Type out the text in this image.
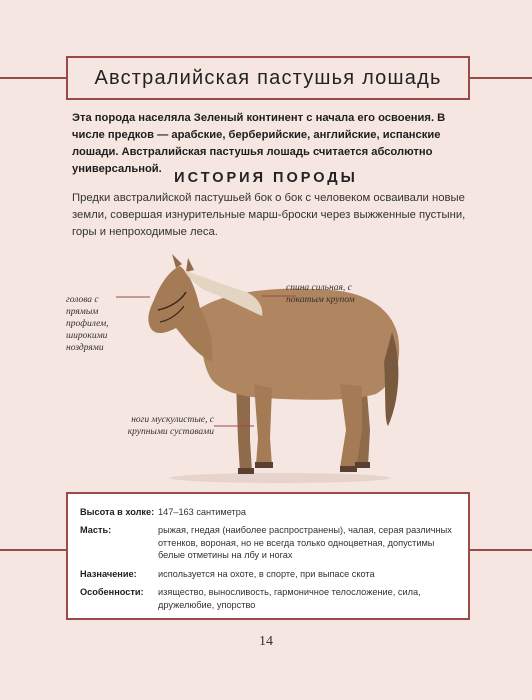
Австралийская пастушья лошадь
Эта порода населяла Зеленый континент с начала его освоения. В числе предков — арабские, берберийские, английские, испанские лошади. Австралийская пастушья лошадь считается абсолютно универсальной.
ИСТОРИЯ ПОРОДЫ
Предки австралийской пастушьей бок о бок с человеком осваивали новые земли, совершая изнурительные марш-броски через выжженные пустыни, горы и непроходимые леса.
голова с прямым профилем, широкими ноздрями
спина сильная, с покатым крупом
ноги мускулистые, с крупными суставами
Высота в холке: 147–163 сантиметра
Масть:	рыжая, гнедая (наиболее распространены), чалая, серая различных оттенков, вороная, но не всегда только одноцветная, допустимы белые отметины на лбу и ногах
Назначение:	используется на охоте, в спорте, при выпасе скота
Особенности:	изящество, выносливость, гармоничное телосложение, сила, дружелюбие, упорство
14
